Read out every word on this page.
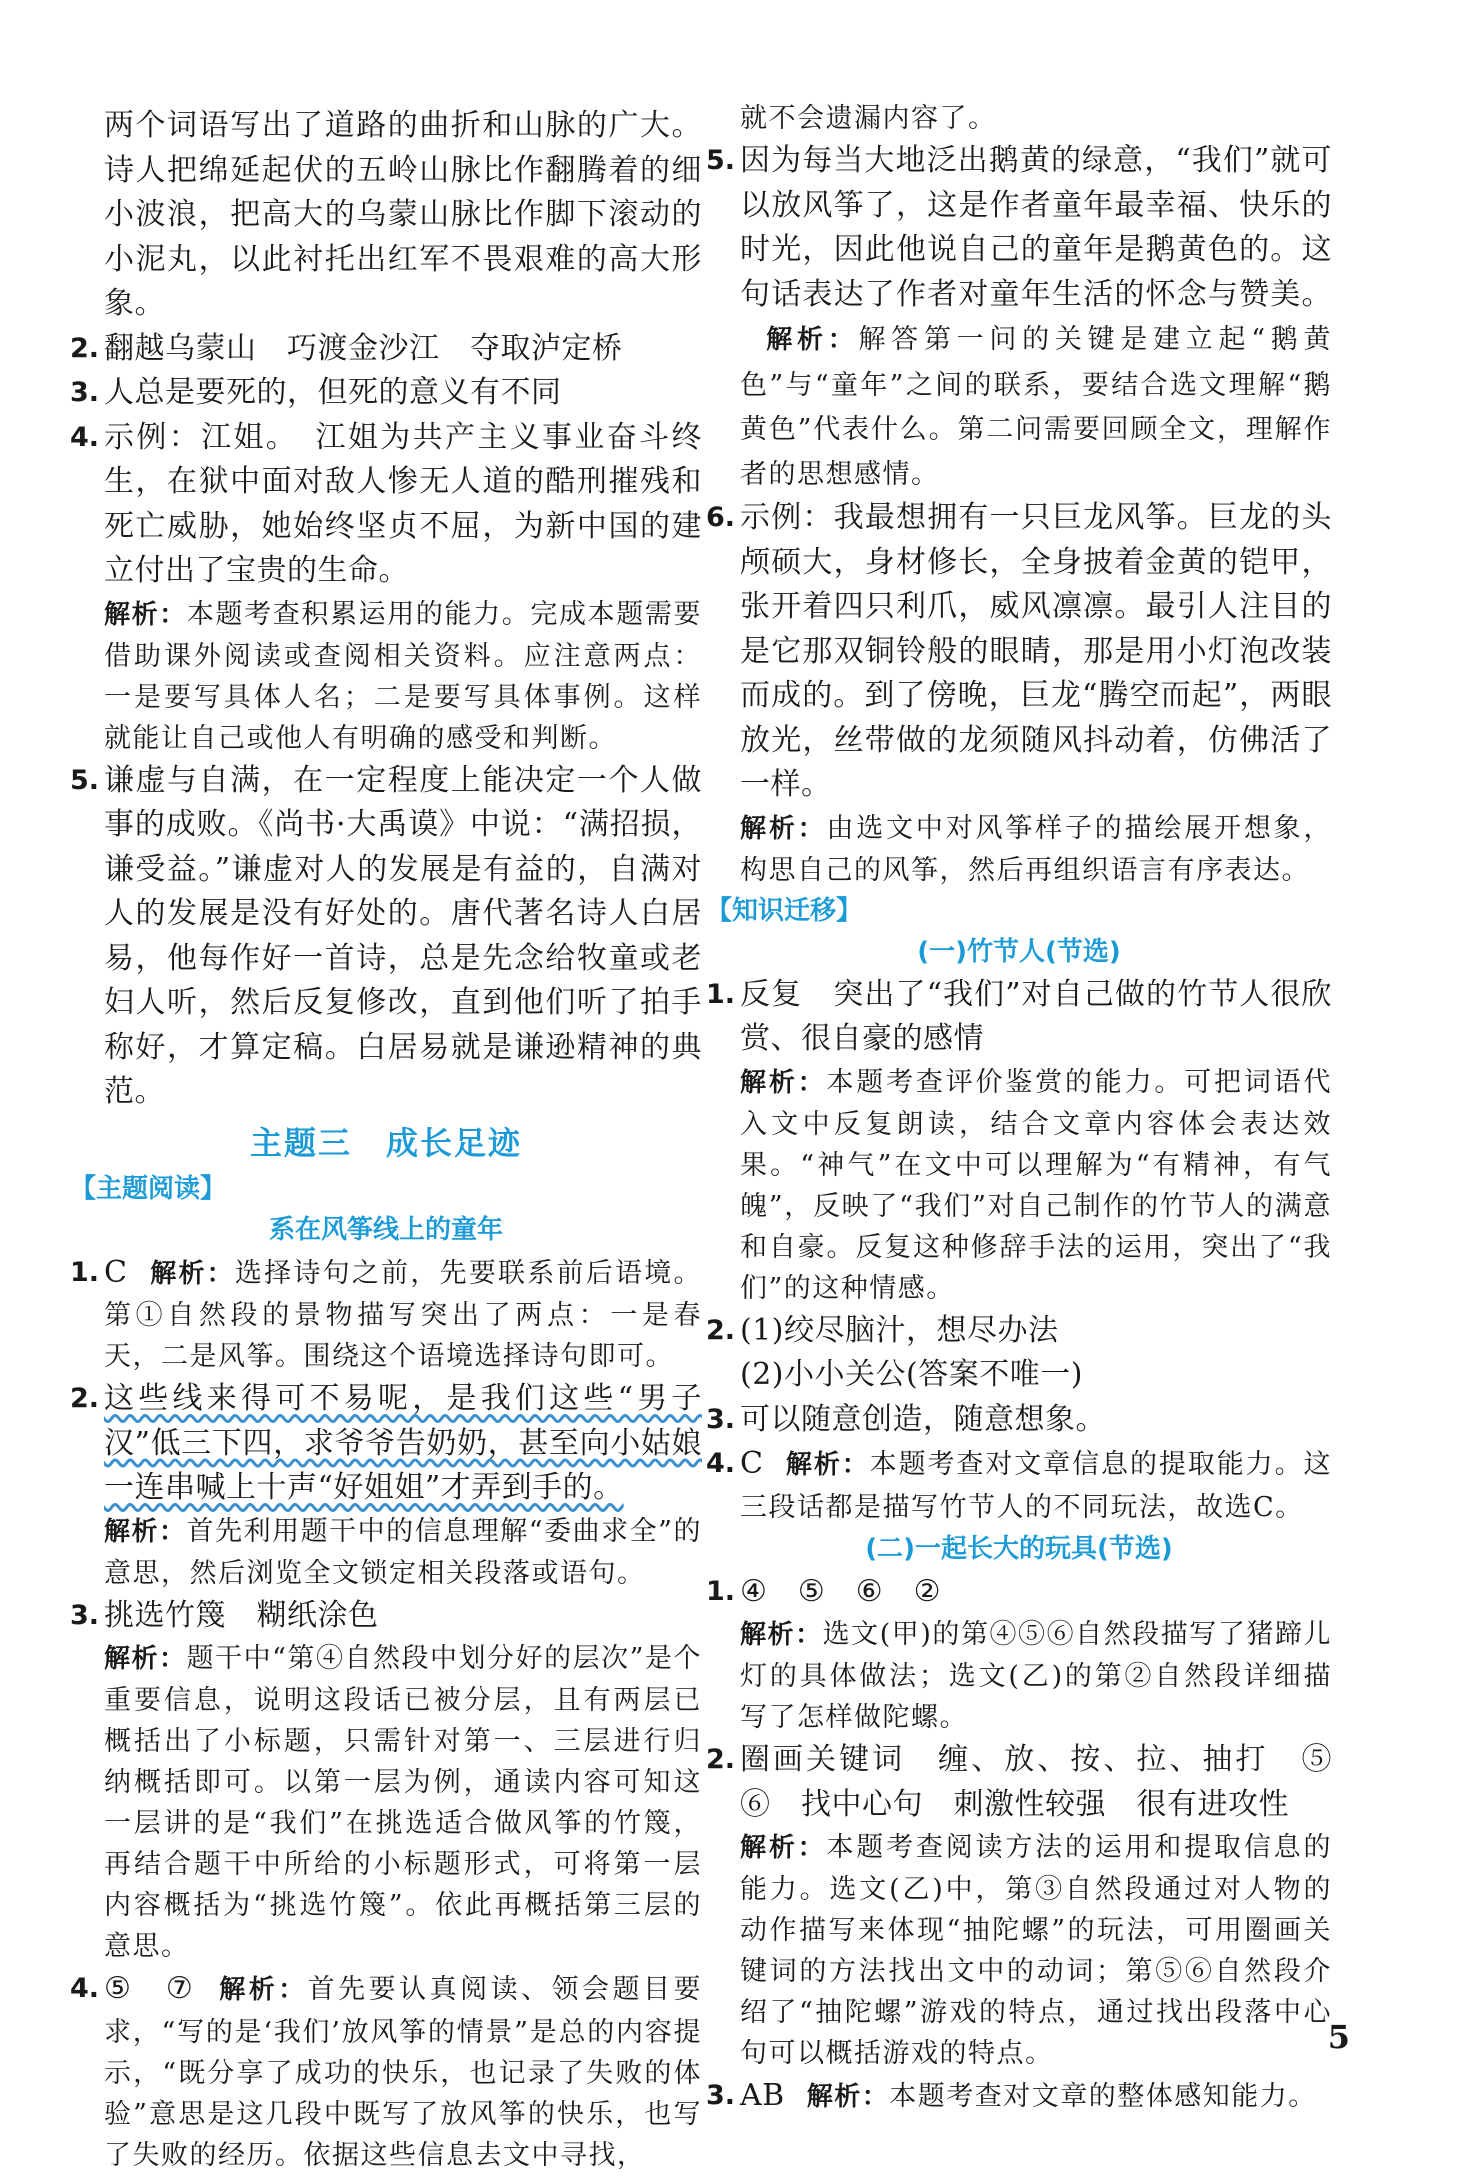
两个词语写出了道路的曲折和山脉的广大。诗人把绵延起伏的五岭山脉比作翻腾着的细小波浪，把高大的乌蒙山脉比作脚下滚动的小泥丸，以此衬托出红军不畏艰难的高大形象。

2. 翻越乌蒙山　巧渡金沙江　夺取泸定桥

3. 人总是要死的，但死的意义有不同

4. 示例：江姐。　江姐为共产主义事业奋斗终生，在狱中面对敌人惨无人道的酷刑摧残和死亡威胁，她始终坚贞不屈，为新中国的建立付出了宝贵的生命。

解析：本题考查积累运用的能力。完成本题需要借助课外阅读或查阅相关资料。应注意两点：一是要写具体人名；二是要写具体事例。这样就能让自己或他人有明确的感受和判断。

5. 谦虚与自满，在一定程度上能决定一个人做事的成败。《尚书·大禹谟》中说：“满招损，谦受益。”谦虚对人的发展是有益的，自满对人的发展是没有好处的。唐代著名诗人白居易，他每作好一首诗，总是先念给牧童或老妇人听，然后反复修改，直到他们听了拍手称好，才算定稿。白居易就是谦逊精神的典范。

主题三　成长足迹

【主题阅读】

系在风筝线上的童年

1. C 解析：选择诗句之前，先要联系前后语境。第①自然段的景物描写突出了两点：一是春天，二是风筝。围绕这个语境选择诗句即可。

2. 这些线来得可不易呢，是我们这些“男子汉”低三下四，求爷爷告奶奶，甚至向小姑娘一连串喊上十声“好姐姐”才弄到手的。

解析：首先利用题干中的信息理解“委曲求全”的意思，然后浏览全文锁定相关段落或语句。

3. 挑选竹篾　糊纸涂色

解析：题干中“第④自然段中划分好的层次”是个重要信息，说明这段话已被分层，且有两层已概括出了小标题，只需针对第一、三层进行归纳概括即可。以第一层为例，通读内容可知这一层讲的是“我们”在挑选适合做风筝的竹篾，再结合题干中所给的小标题形式，可将第一层内容概括为“挑选竹篾”。依此再概括第三层的意思。

4. ⑤　⑦ 解析：首先要认真阅读、领会题目要求，“写的是‘我们’放风筝的情景”是总的内容提示，“既分享了成功的快乐，也记录了失败的体验”意思是这几段中既写了放风筝的快乐，也写了失败的经历。依据这些信息去文中寻找，

就不会遗漏内容了。

5. 因为每当大地泛出鹅黄的绿意，“我们”就可以放风筝了，这是作者童年最幸福、快乐的时光，因此他说自己的童年是鹅黄色的。这句话表达了作者对童年生活的怀念与赞美。解析：解答第一问的关键是建立起“鹅黄色”与“童年”之间的联系，要结合选文理解“鹅黄色”代表什么。第二问需要回顾全文，理解作者的思想感情。

6. 示例：我最想拥有一只巨龙风筝。巨龙的头颅硕大，身材修长，全身披着金黄的铠甲，张开着四只利爪，威风凛凛。最引人注目的是它那双铜铃般的眼睛，那是用小灯泡改装而成的。到了傍晚，巨龙“腾空而起”，两眼放光，丝带做的龙须随风抖动着，仿佛活了一样。

解析：由选文中对风筝样子的描绘展开想象，构思自己的风筝，然后再组织语言有序表达。

【知识迁移】

(一)竹节人(节选)

1. 反复　突出了“我们”对自己做的竹节人很欣赏、很自豪的感情

解析：本题考查评价鉴赏的能力。可把词语代入文中反复朗读，结合文章内容体会表达效果。“神气”在文中可以理解为“有精神，有气魄”，反映了“我们”对自己制作的竹节人的满意和自豪。反复这种修辞手法的运用，突出了“我们”的这种情感。

2. (1)绞尽脑汁，想尽办法

(2)小小关公(答案不唯一)

3. 可以随意创造，随意想象。

4. C 解析：本题考查对文章信息的提取能力。这三段话都是描写竹节人的不同玩法，故选C。

(二)一起长大的玩具(节选)

1. ④　⑤　⑥　②

解析：选文(甲)的第④⑤⑥自然段描写了猪蹄儿灯的具体做法；选文(乙)的第②自然段详细描写了怎样做陀螺。

2. 圈画关键词　缠、放、按、拉、抽打　⑤　⑥　找中心句　刺激性较强　很有进攻性

解析：本题考查阅读方法的运用和提取信息的能力。选文(乙)中，第③自然段通过对人物的动作描写来体现“抽陀螺”的玩法，可用圈画关键词的方法找出文中的动词；第⑤⑥自然段介绍了“抽陀螺”游戏的特点，通过找出段落中心句可以概括游戏的特点。

3. AB 解析：本题考查对文章的整体感知能力。

5
